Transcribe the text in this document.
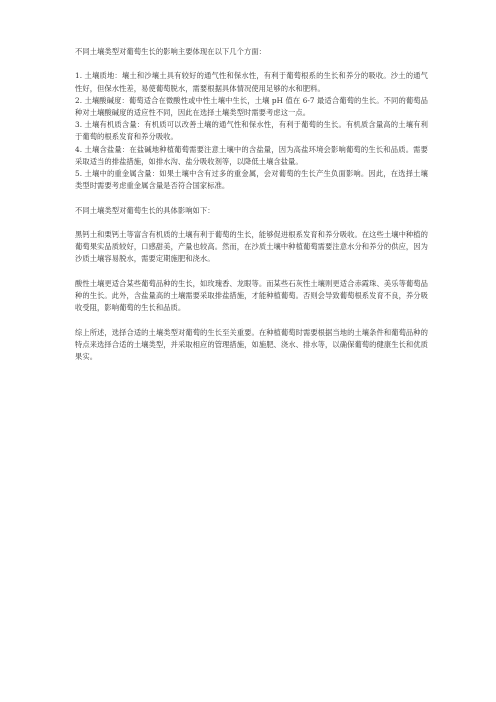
不同土壤类型对葡萄生长的影响主要体现在以下几个方面：

1. 土壤质地：壤土和沙壤土具有较好的通气性和保水性，有利于葡萄根系的生长和养分的吸收。沙土的通气性好，但保水性差，易使葡萄脱水，需要根据具体情况使用足够的水和肥料。

2. 土壤酸碱度：葡萄适合在微酸性或中性土壤中生长，土壤 pH 值在 6-7 最适合葡萄的生长。不同的葡萄品种对土壤酸碱度的适应性不同，因此在选择土壤类型时需要考虑这一点。

3. 土壤有机质含量：有机质可以改善土壤的通气性和保水性，有利于葡萄的生长。有机质含量高的土壤有利于葡萄的根系发育和养分吸收。

4. 土壤含盐量：在盐碱地种植葡萄需要注意土壤中的含盐量，因为高盐环境会影响葡萄的生长和品质。需要采取适当的排盐措施，如排水沟、盐分吸收剂等，以降低土壤含盐量。

5. 土壤中的重金属含量：如果土壤中含有过多的重金属，会对葡萄的生长产生负面影响。因此，在选择土壤类型时需要考虑重金属含量是否符合国家标准。

不同土壤类型对葡萄生长的具体影响如下：

黑钙土和栗钙土等富含有机质的土壤有利于葡萄的生长，能够促进根系发育和养分吸收。在这些土壤中种植的葡萄果实品质较好，口感甜美，产量也较高。然而，在沙质土壤中种植葡萄需要注意水分和养分的供应，因为沙质土壤容易脱水，需要定期施肥和浇水。

酸性土壤更适合某些葡萄品种的生长，如玫瑰香、龙眼等。而某些石灰性土壤则更适合赤霞珠、美乐等葡萄品种的生长。此外，含盐量高的土壤需要采取排盐措施，才能种植葡萄。否则会导致葡萄根系发育不良，养分吸收受阻，影响葡萄的生长和品质。

综上所述，选择合适的土壤类型对葡萄的生长至关重要。在种植葡萄时需要根据当地的土壤条件和葡萄品种的特点来选择合适的土壤类型，并采取相应的管理措施，如施肥、浇水、排水等，以确保葡萄的健康生长和优质果实。
